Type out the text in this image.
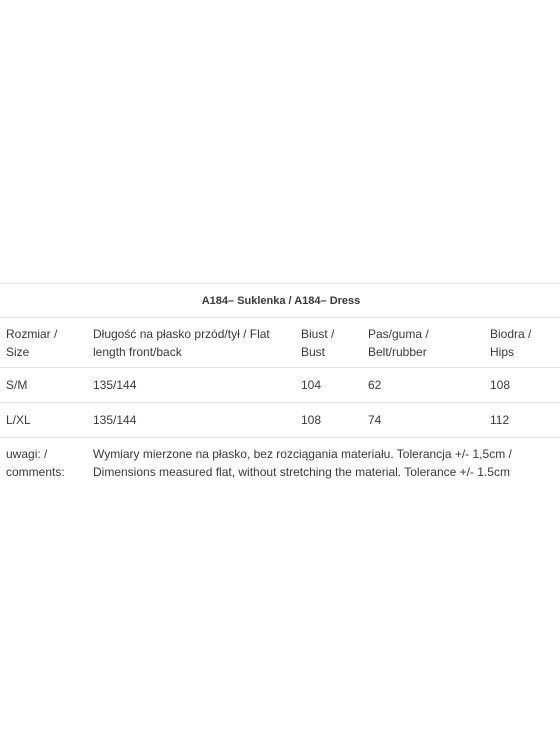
A184– Suklenka / A184– Dress				
Rozmiar / Size	Długość na płasko przód/tył / Flat length front/back	Biust / Bust	Pas/guma / Belt/rubber	Biodra / Hips
S/M	135/144	104	62	108
L/XL	135/144	108	74	112
uwagi: / comments:	Wymiary mierzone na płasko, bez rozciągania materiału. Tolerancja +/- 1,5cm / Dimensions measured flat, without stretching the material. Tolerance +/- 1.5cm			
